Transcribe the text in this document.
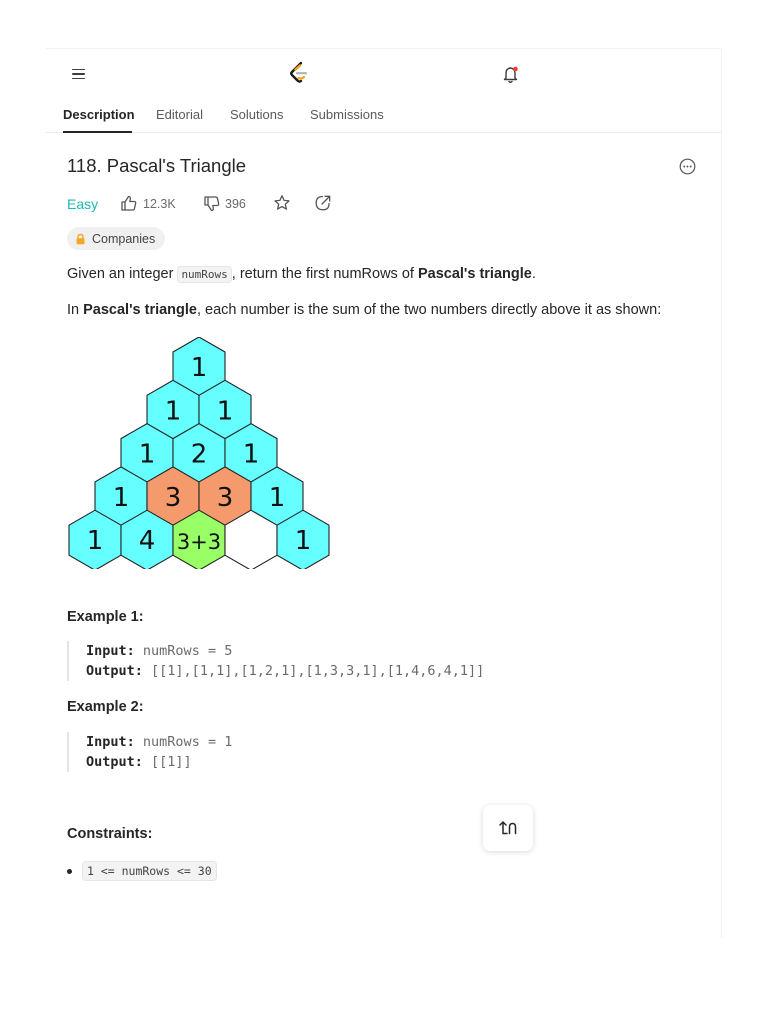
Description Editorial Solutions Submissions
118. Pascal's Triangle
Easy	12.3K	396
Companies
Given an integer numRows , return the first numRows of Pascal's triangle.
In Pascal's triangle, each number is the sum of the two numbers directly above it as shown:
1
1 1
1 2 1
1 3 3 1
1 4 3+3	1
Example 1:
Input: numRows = 5
Output: [[1],[1,1],[1,2,1],[1,3,3,1],[1,4,6,4,1]]
Example 2:
Input: numRows = 1
Output: [[1]]
Constraints:
1 <= numRows <= 30
